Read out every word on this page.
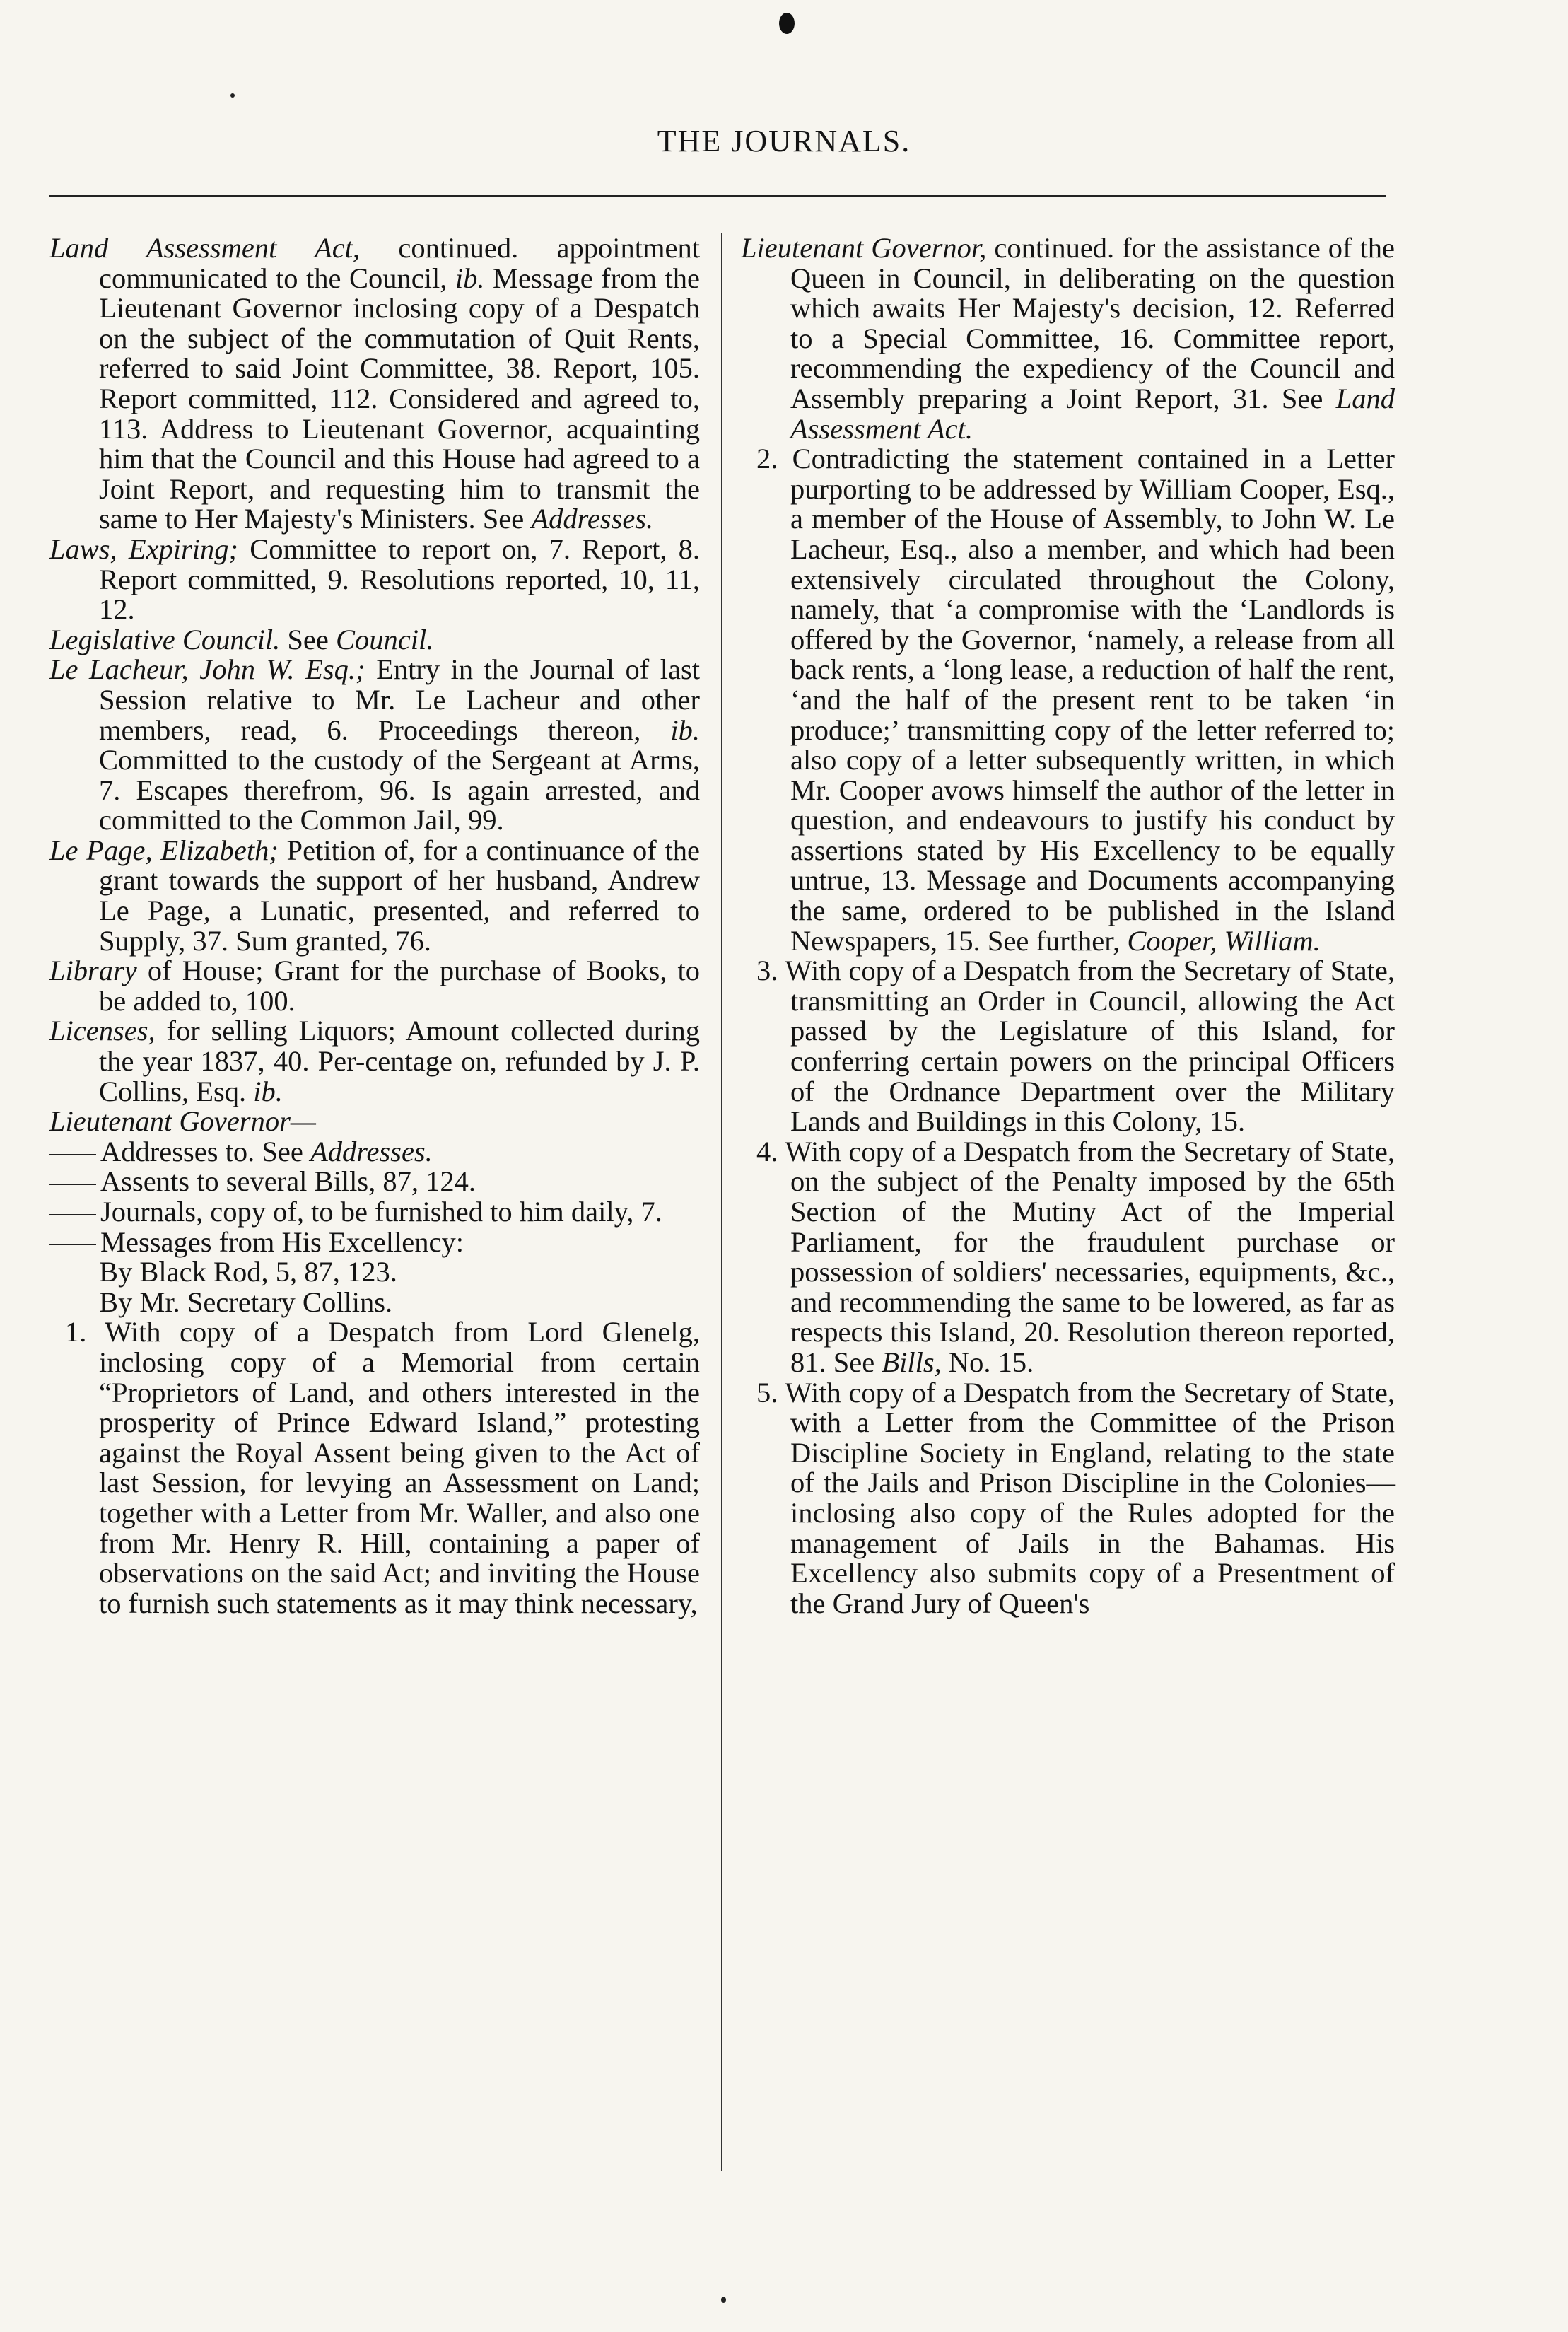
THE JOURNALS.

Land Assessment Act, continued. appointment communicated to the Council, ib. Message from the Lieutenant Governor inclosing copy of a Despatch on the subject of the commutation of Quit Rents, referred to said Joint Committee, 38. Report, 105. Report committed, 112. Considered and agreed to, 113. Address to Lieutenant Governor, acquainting him that the Council and this House had agreed to a Joint Report, and requesting him to transmit the same to Her Majesty's Ministers. See Addresses.

Laws, Expiring; Committee to report on, 7. Report, 8. Report committed, 9. Resolutions reported, 10, 11, 12.

Legislative Council. See Council.

Le Lacheur, John W. Esq.; Entry in the Journal of last Session relative to Mr. Le Lacheur and other members, read, 6. Proceedings thereon, ib. Committed to the custody of the Sergeant at Arms, 7. Escapes therefrom, 96. Is again arrested, and committed to the Common Jail, 99.

Le Page, Elizabeth; Petition of, for a continuance of the grant towards the support of her husband, Andrew Le Page, a Lunatic, presented, and referred to Supply, 37. Sum granted, 76.

Library of House; Grant for the purchase of Books, to be added to, 100.

Licenses, for selling Liquors; Amount collected during the year 1837, 40. Per-centage on, refunded by J. P. Collins, Esq. ib.

Lieutenant Governor—

Addresses to. See Addresses.

Assents to several Bills, 87, 124.

Journals, copy of, to be furnished to him daily, 7.

Messages from His Excellency:

By Black Rod, 5, 87, 123.

By Mr. Secretary Collins.

1. With copy of a Despatch from Lord Glenelg, inclosing copy of a Memorial from certain “Proprietors of Land, and others interested in the prosperity of Prince Edward Island,” protesting against the Royal Assent being given to the Act of last Session, for levying an Assessment on Land; together with a Letter from Mr. Waller, and also one from Mr. Henry R. Hill, containing a paper of observations on the said Act; and inviting the House to furnish such statements as it may think necessary,

Lieutenant Governor, continued. for the assistance of the Queen in Council, in deliberating on the question which awaits Her Majesty's decision, 12. Referred to a Special Committee, 16. Committee report, recommending the expediency of the Council and Assembly preparing a Joint Report, 31. See Land Assessment Act.

2. Contradicting the statement contained in a Letter purporting to be addressed by William Cooper, Esq., a member of the House of Assembly, to John W. Le Lacheur, Esq., also a member, and which had been extensively circulated throughout the Colony, namely, that ‘a compromise with the ‘Landlords is offered by the Governor, ‘namely, a release from all back rents, a ‘long lease, a reduction of half the rent, ‘and the half of the present rent to be taken ‘in produce;’ transmitting copy of the letter referred to; also copy of a letter subsequently written, in which Mr. Cooper avows himself the author of the letter in question, and endeavours to justify his conduct by assertions stated by His Excellency to be equally untrue, 13. Message and Documents accompanying the same, ordered to be published in the Island Newspapers, 15. See further, Cooper, William.

3. With copy of a Despatch from the Secretary of State, transmitting an Order in Council, allowing the Act passed by the Legislature of this Island, for conferring certain powers on the principal Officers of the Ordnance Department over the Military Lands and Buildings in this Colony, 15.

4. With copy of a Despatch from the Secretary of State, on the subject of the Penalty imposed by the 65th Section of the Mutiny Act of the Imperial Parliament, for the fraudulent purchase or possession of soldiers' necessaries, equipments, &c., and recommending the same to be lowered, as far as respects this Island, 20. Resolution thereon reported, 81. See Bills, No. 15.

5. With copy of a Despatch from the Secretary of State, with a Letter from the Committee of the Prison Discipline Society in England, relating to the state of the Jails and Prison Discipline in the Colonies—inclosing also copy of the Rules adopted for the management of Jails in the Bahamas. His Excellency also submits copy of a Presentment of the Grand Jury of Queen's
